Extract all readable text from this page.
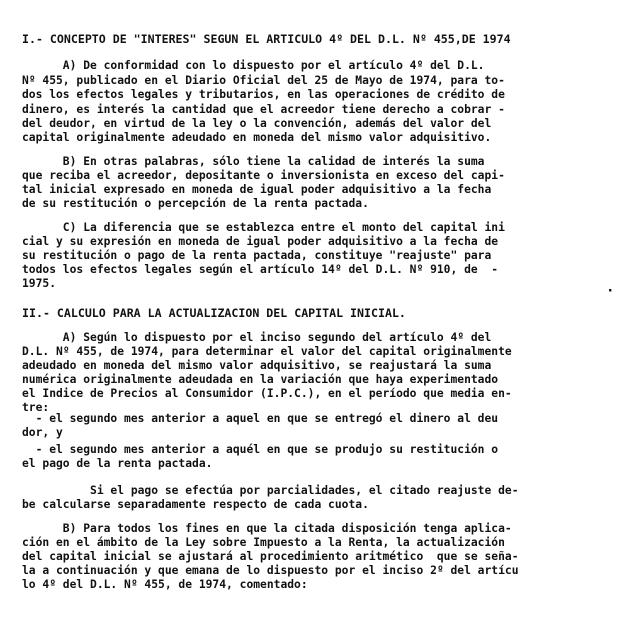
I.- CONCEPTO DE "INTERES" SEGUN EL ARTICULO 4º DEL D.L. Nº 455,DE 1974
A) De conformidad con lo dispuesto por el artículo 4º del D.L.
Nº 455, publicado en el Diario Oficial del 25 de Mayo de 1974, para to-
dos los efectos legales y tributarios, en las operaciones de crédito de
dinero, es interés la cantidad que el acreedor tiene derecho a cobrar -
del deudor, en virtud de la ley o la convención, además del valor del
capital originalmente adeudado en moneda del mismo valor adquisitivo.
B) En otras palabras, sólo tiene la calidad de interés la suma
que reciba el acreedor, depositante o inversionista en exceso del capi-
tal inicial expresado en moneda de igual poder adquisitivo a la fecha
de su restitución o percepción de la renta pactada.
C) La diferencia que se establezca entre el monto del capital ini
cial y su expresión en moneda de igual poder adquisitivo a la fecha de
su restitución o pago de la renta pactada, constituye "reajuste" para
todos los efectos legales según el artículo 14º del D.L. Nº 910, de  -
1975.	·
II.- CALCULO PARA LA ACTUALIZACION DEL CAPITAL INICIAL.
A) Según lo dispuesto por el inciso segundo del artículo 4º del
D.L. Nº 455, de 1974, para determinar el valor del capital originalmente
adeudado en moneda del mismo valor adquisitivo, se reajustará la suma
numérica originalmente adeudada en la variación que haya experimentado
el Indice de Precios al Consumidor (I.P.C.), en el período que media en-
tre:
- el segundo mes anterior a aquel en que se entregó el dinero al deu
dor, y
- el segundo mes anterior a aquél en que se produjo su restitución o
el pago de la renta pactada.
Si el pago se efectúa por parcialidades, el citado reajuste de-
be calcularse separadamente respecto de cada cuota.
B) Para todos los fines en que la citada disposición tenga aplica-
ción en el ámbito de la Ley sobre Impuesto a la Renta, la actualización
del capital inicial se ajustará al procedimiento aritmético  que se seña-
la a continuación y que emana de lo dispuesto por el inciso 2º del artícu
lo 4º del D.L. Nº 455, de 1974, comentado:
